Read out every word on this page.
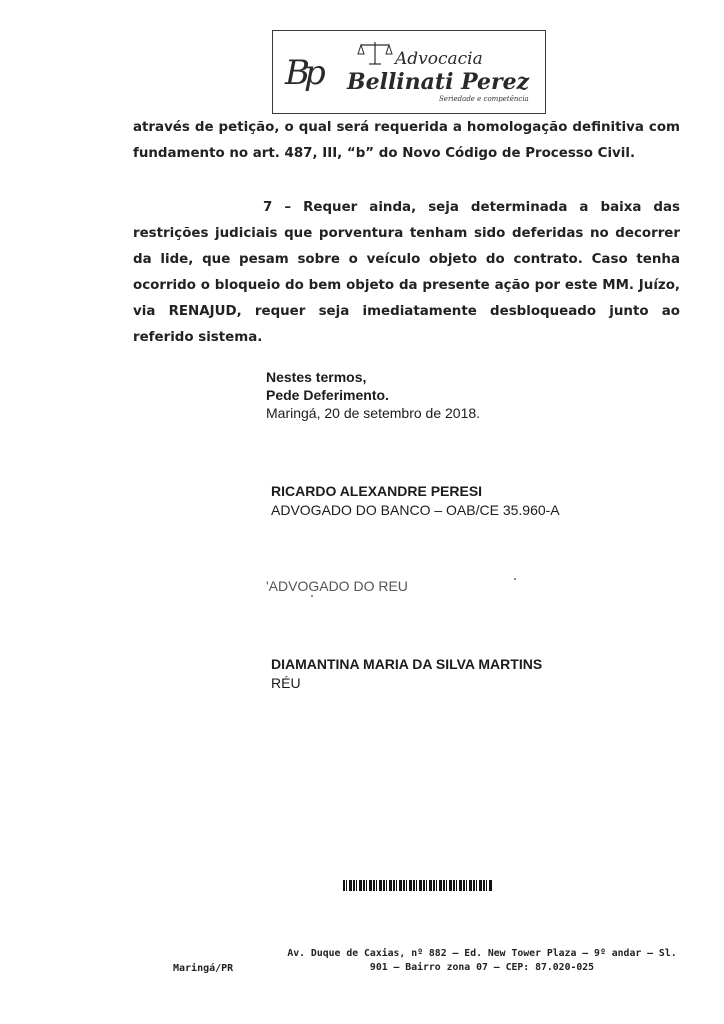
Bp	Advocacia
Bellinati Perez
Seriedade e competência
através de petição, o qual será requerida a homologação definitiva com fundamento no art. 487, III, “b” do Novo Código de Processo Civil.
7 – Requer ainda, seja determinada a baixa das restrições judiciais que porventura tenham sido deferidas no decorrer da lide, que pesam sobre o veículo objeto do contrato. Caso tenha ocorrido o bloqueio do bem objeto da presente ação por este MM. Juízo, via RENAJUD, requer seja imediatamente desbloqueado junto ao referido sistema.
Nestes termos,
Pede Deferimento.
Maringá, 20 de setembro de 2018.
RICARDO ALEXANDRE PERESI
ADVOGADO DO BANCO – OAB/CE 35.960-A
'ADVOGADO DO REU
DIAMANTINA MARIA DA SILVA MARTINS
RÉU
Maringá/PR
Av. Duque de Caxias, nº 882 – Ed. New Tower Plaza – 9º andar – Sl.
901 – Bairro zona 07 – CEP: 87.020-025
